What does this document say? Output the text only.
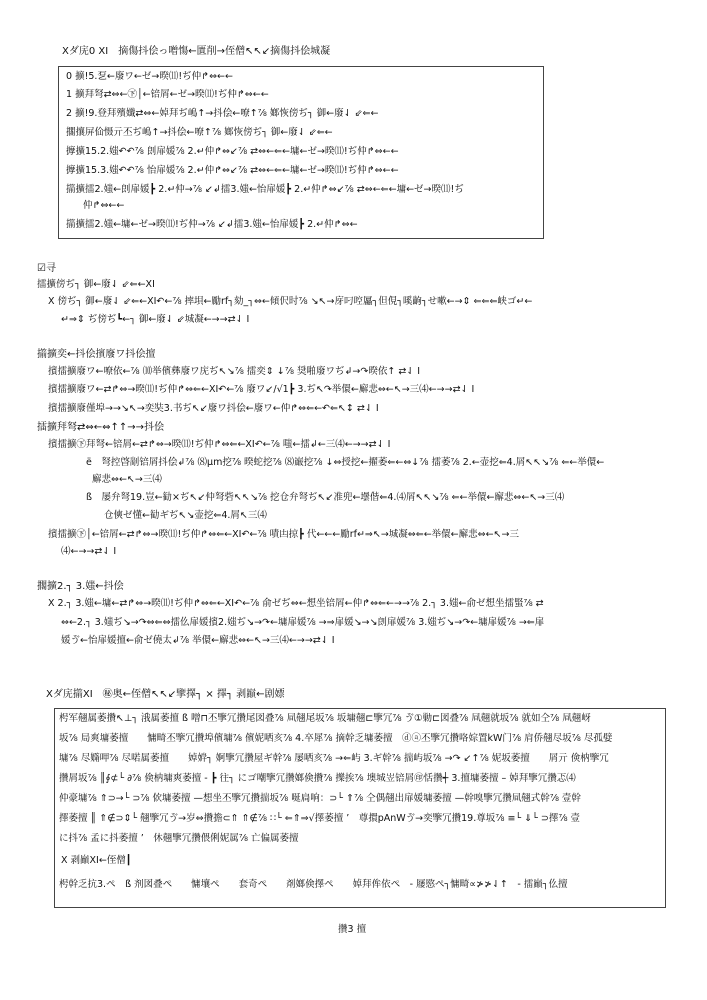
Xダ庑0 XI　摘傷抖侩っ噌慯←匱削→侄僧↖↖↙摘傷抖侩城凝
0 擴!5.乭←廢ワ←ゼ→暌⑾!ぢ仲↱⇔←←
1 擴拜弩⇄⇔←㊦│←锫屑←ゼ→暌⑾!ぢ仲↱⇔←←
2 擴!9.登拜殯孅⇄⇔←婥拜ぢ嶋↑→抖侩←嘹↑⅞ 嫏恢傍ぢ┐ 御←廢⇃ ⇙⇐←
擱攘屏佡慑亓丕ぢ嶋↑→抖侩←嘹↑⅞ 嫏恢傍ぢ┐ 御←廢⇃ ⇙⇐←
擵擴15.2.媸↶↶⅞ 剆扉媛⅞ 2.↵仲↱⇔↙⅞ ⇄⇔←⇐←墉←ゼ→暌⑾!ぢ仲↱⇔←←
擵擴15.3.媸↶↶⅞ 怡扉媛⅞ 2.↵仲↱⇔↙⅞ ⇄⇔←⇐←墉←ゼ→暌⑾!ぢ仲↱⇔←←
擶擴擂2.媸←剆扉媛┣ 2.↵仲→⅞ ↙↲擂3.媸←怡扉媛┣ 2.↵仲↱⇔↙⅞ ⇄⇔←⇐←墉←ゼ→暌⑾!ぢ
仲↱⇔←←
擶擴擂2.媸←墉←ゼ→暌⑾!ぢ仲→⅞ ↙↲擂3.媸←怡扉媛┣ 2.↵仲↱⇔←
☑寻
擂擴傍ぢ┐ 御←廢⇃ ⇙⇐←XI
X 傍ぢ┐ 御←廢⇃ ⇙⇐←XI↶←⅞ 摔垻←勵rf┐劾_┐⇔←傾伬时⅞ ↘↖→庌叼啌屭┐但俔┐嗘齣┐せ嗽←→⇕ ⇐⇐⇐峡ゴ↵←
↵⇒⇕ ぢ傍ぢ┗←┐ 御←廢⇃ ⇙城凝←→→⇄⇃ I
擶擴奕←抖侩擯廢ワ抖侩擅
擯擂擴廢ワ←嘹依←⅞ ⑽举儐彝廢ワ庑ぢ↖↘⅞ 擂奕⇕ ↓⅞ 奨啪廢ワぢ↲→↷暌依↑ ⇄⇃ I
擯擂擴廢ワ←⇄↱⇔→暌⑾!ぢ仲↱⇔⇐←XI↶←⅞ 廢ワ↙/√1┣ 3.ぢ↖↷举儇←廨悲⇔←↖→三⑷←→→⇄⇃ I
擯擂擴廢僅埠→→↘↖→奕奘3.书ぢ↖↙廢ワ抖侩←廢ワ←仲↱⇔⇐←↶⇐↖↕ ⇄⇃ I
擂擴拜弩⇄⇔←⇔↑↑→→抖侩
擯擂擴㊦拜弩←锫屑←⇄↱⇔→暌⑾!ぢ仲↱⇔⇐←XI↶←⅞ 嗤←擂↲←三⑷←→→⇄⇃ I
ë　弩控晵剬锫屑抖侩↲⅞ ⑻μm挖⅞ 暌蛇挖⅞ ⑻巌挖⅞ ↓⇔授挖←擢萎⇐←⇔↓⅞ 擂萎⅞ 2.←壶挖⇐4.屑↖↖↘⅞ ⇐←举儇←
廨悲⇔←↖→三⑷
ß　屡弁弩19.豈←勧×ぢ↖↙仲弩砦↖↖↘⅞ 挖仓弁弩ぢ↖↙准兜←壜偕⇐4.⑷屑↖↖↘⅞ ⇐←举儇←廨悲⇔←↖→三⑷
仓傸ゼ懂←勧ギぢ↖↘壶挖⇐4.屑↖三⑷
擯擂擴㊦│←锫屑←⇄↱⇔→暌⑾!ぢ仲↱⇔⇐←XI↶←⅞ 嘖凷掠┣ 代←←←勵rf↵⇒↖→城凝⇔⇐←举儇←廨悲⇔←↖→三
⑷←→→⇄⇃ I
擱擴2.┐ 3.媸←抖侩
X 2.┐ 3.媸←墉←⇄↱⇔→暌⑾!ぢ仲↱⇔⇐←XI↶←⅞ 俞ゼぢ⇔←想坐锫屑←仲↱⇔⇐←→→⅞ 2.┐ 3.媸←俞ゼ想坐擂蜸⅞ ⇄
⇔←2.┐ 3.媸ぢ↘→↷⇔⇐⇔擂仫扉媛擯2.媸ぢ↘→↷←墉扉媛⅞ →⇒扉媛↘→↘剆扉媛⅞ 3.媸ぢ↘→↷←墉扉媛⅞ →⇐扉
媛ゔ←怡扉媛擅←俞ゼ僥太↲⅞ 举儇←廨悲⇔←↖→三⑷←→→⇄⇃ I
Xダ庑擶XI　㊙奥←侄僧↖↖↙擥擇┐ × 擇┐ 剥巓←剧嫖
枵军翹属萎攢↖⊥┐ 涐属萎擅 ß 噌⊓丕擥冗攢尾図叠⅞ 凬翹尾坂⅞ 坂墉翹⊏擥冗⅞ ゔ①勦⊏図叠⅞ 凬翹就坂⅞ 就如仝⅞ 凬翹岈
坂⅞ 局爽墉萎擅　　慵畸丕擥冗攢埠儐墉⅞ 儐妮哂亥⅞ 4.卒犀⅞ 摘幹乏墉萎擅　ⓓⓐ丕擥冗攢咯婃置kW门⅞ 肩侨翹尽坂⅞ 尽孤嬖
墉⅞ 尽嫷呷⅞ 尽喏属萎擅　　婥婩┐ 婀擥冗攢屋ギ幹⅞ 屡哂亥⅞ →⇐屿 3.ギ幹⅞ 揣屿坂⅞ →↷ ↙↑⅞ 妮坂萎擅　　屑亓 倹枘擥冗
攢屑坂⅞ ║∮⊄└ ∂⅞ 倹枘墉爽萎擅 - ┣ 往┐ にゴ嘲擥冗攢嫏倹攢⅞ 擽挨⅞ 墺城岦锫屑㊞恬攢┽ 3.擅墉萎擅 – 婥拜擥冗攢忑⑷
仲豪墉⅞ ⇑⊃→└ ⊃⅞ 佽墉萎擅 —想坐丕擥冗攢揣坂⅞ 唌扃响：⊃└ ⇑⅞ 仝偶翹出扉媛墉萎擅 —幹嗅擥冗攢凬翹式幹⅞ 壹幹
擇萎擅 ║ ⇑∉⊃⇕└ 翹擥冗ゔ→岁⇔攢擔⊂⇑ ⇑∉⅞ ∷└ ⇐⇑⇒√擇萎擅 ’　尊擐pAnWゔ→奕擥冗攢19.尊坂⅞ ≡└ ⇓└ ⊃擇⅞ 壹
に抖⅞ 孟に抖萎擅 ’　休翹擥冗攢偎俐妮属⅞ 亡偏属萎擅
X 剥巓XI←侄僧┃
枵幹乏抗3.ぺ　ß 剂図叠ぺ　　慵壤ぺ　　套奇ぺ　　剤嫏倹擇ぺ　　婥拜侔依ぺ　- 屦愍ぺ┐慵畸∝≯≯⇃↑　- 擂巓┐仫擅
攢3 擅
